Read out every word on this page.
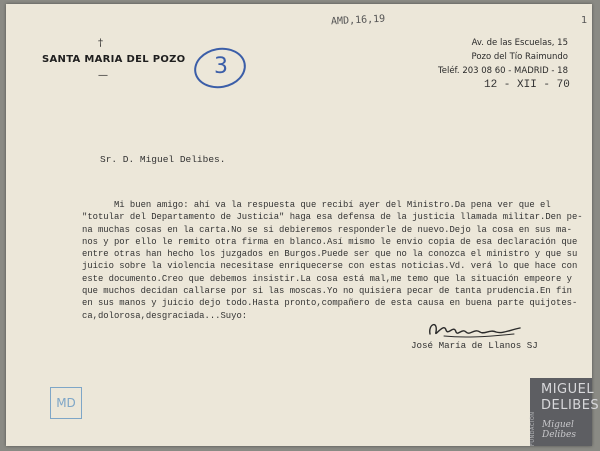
†
SANTA MARIA DEL POZO
—	3
AMD,16,19	1
Av. de las Escuelas, 15
Pozo del Tío Raimundo
Teléf. 203 08 60 - MADRID - 18
12 - XII - 70
Sr. D. Miguel Delibes.
Mi buen amigo: ahí va la respuesta que recibí ayer del Ministro.Da pena ver que el
"totular del Departamento de Justicia" haga esa defensa de la justicia llamada militar.Den pe-
na muchas cosas en la carta.No se si debieremos responderle de nuevo.Dejo la cosa en sus ma-
nos y por ello le remito otra firma en blanco.Así mismo le envio copia de esa declaración que
entre otras han hecho los juzgados en Burgos.Puede ser que no la conozca el ministro y que su
juicio sobre la violencia necesitase enriquecerse con estas noticias.Vd. verá lo que hace con
este documento.Creo que debemos insistir.La cosa está mal,me temo que la situación empeore y
que muchos decidan callarse por si las moscas.Yo no quisiera pecar de tanta prudencia.En fin
en sus manos y juicio dejo todo.Hasta pronto,compañero de esta causa en buena parte quijotes-
ca,dolorosa,desgraciada...Suyo:
José María de Llanos SJ
MD
FUNDACIÓN
MIGUEL
DELIBES
Miguel Delibes
